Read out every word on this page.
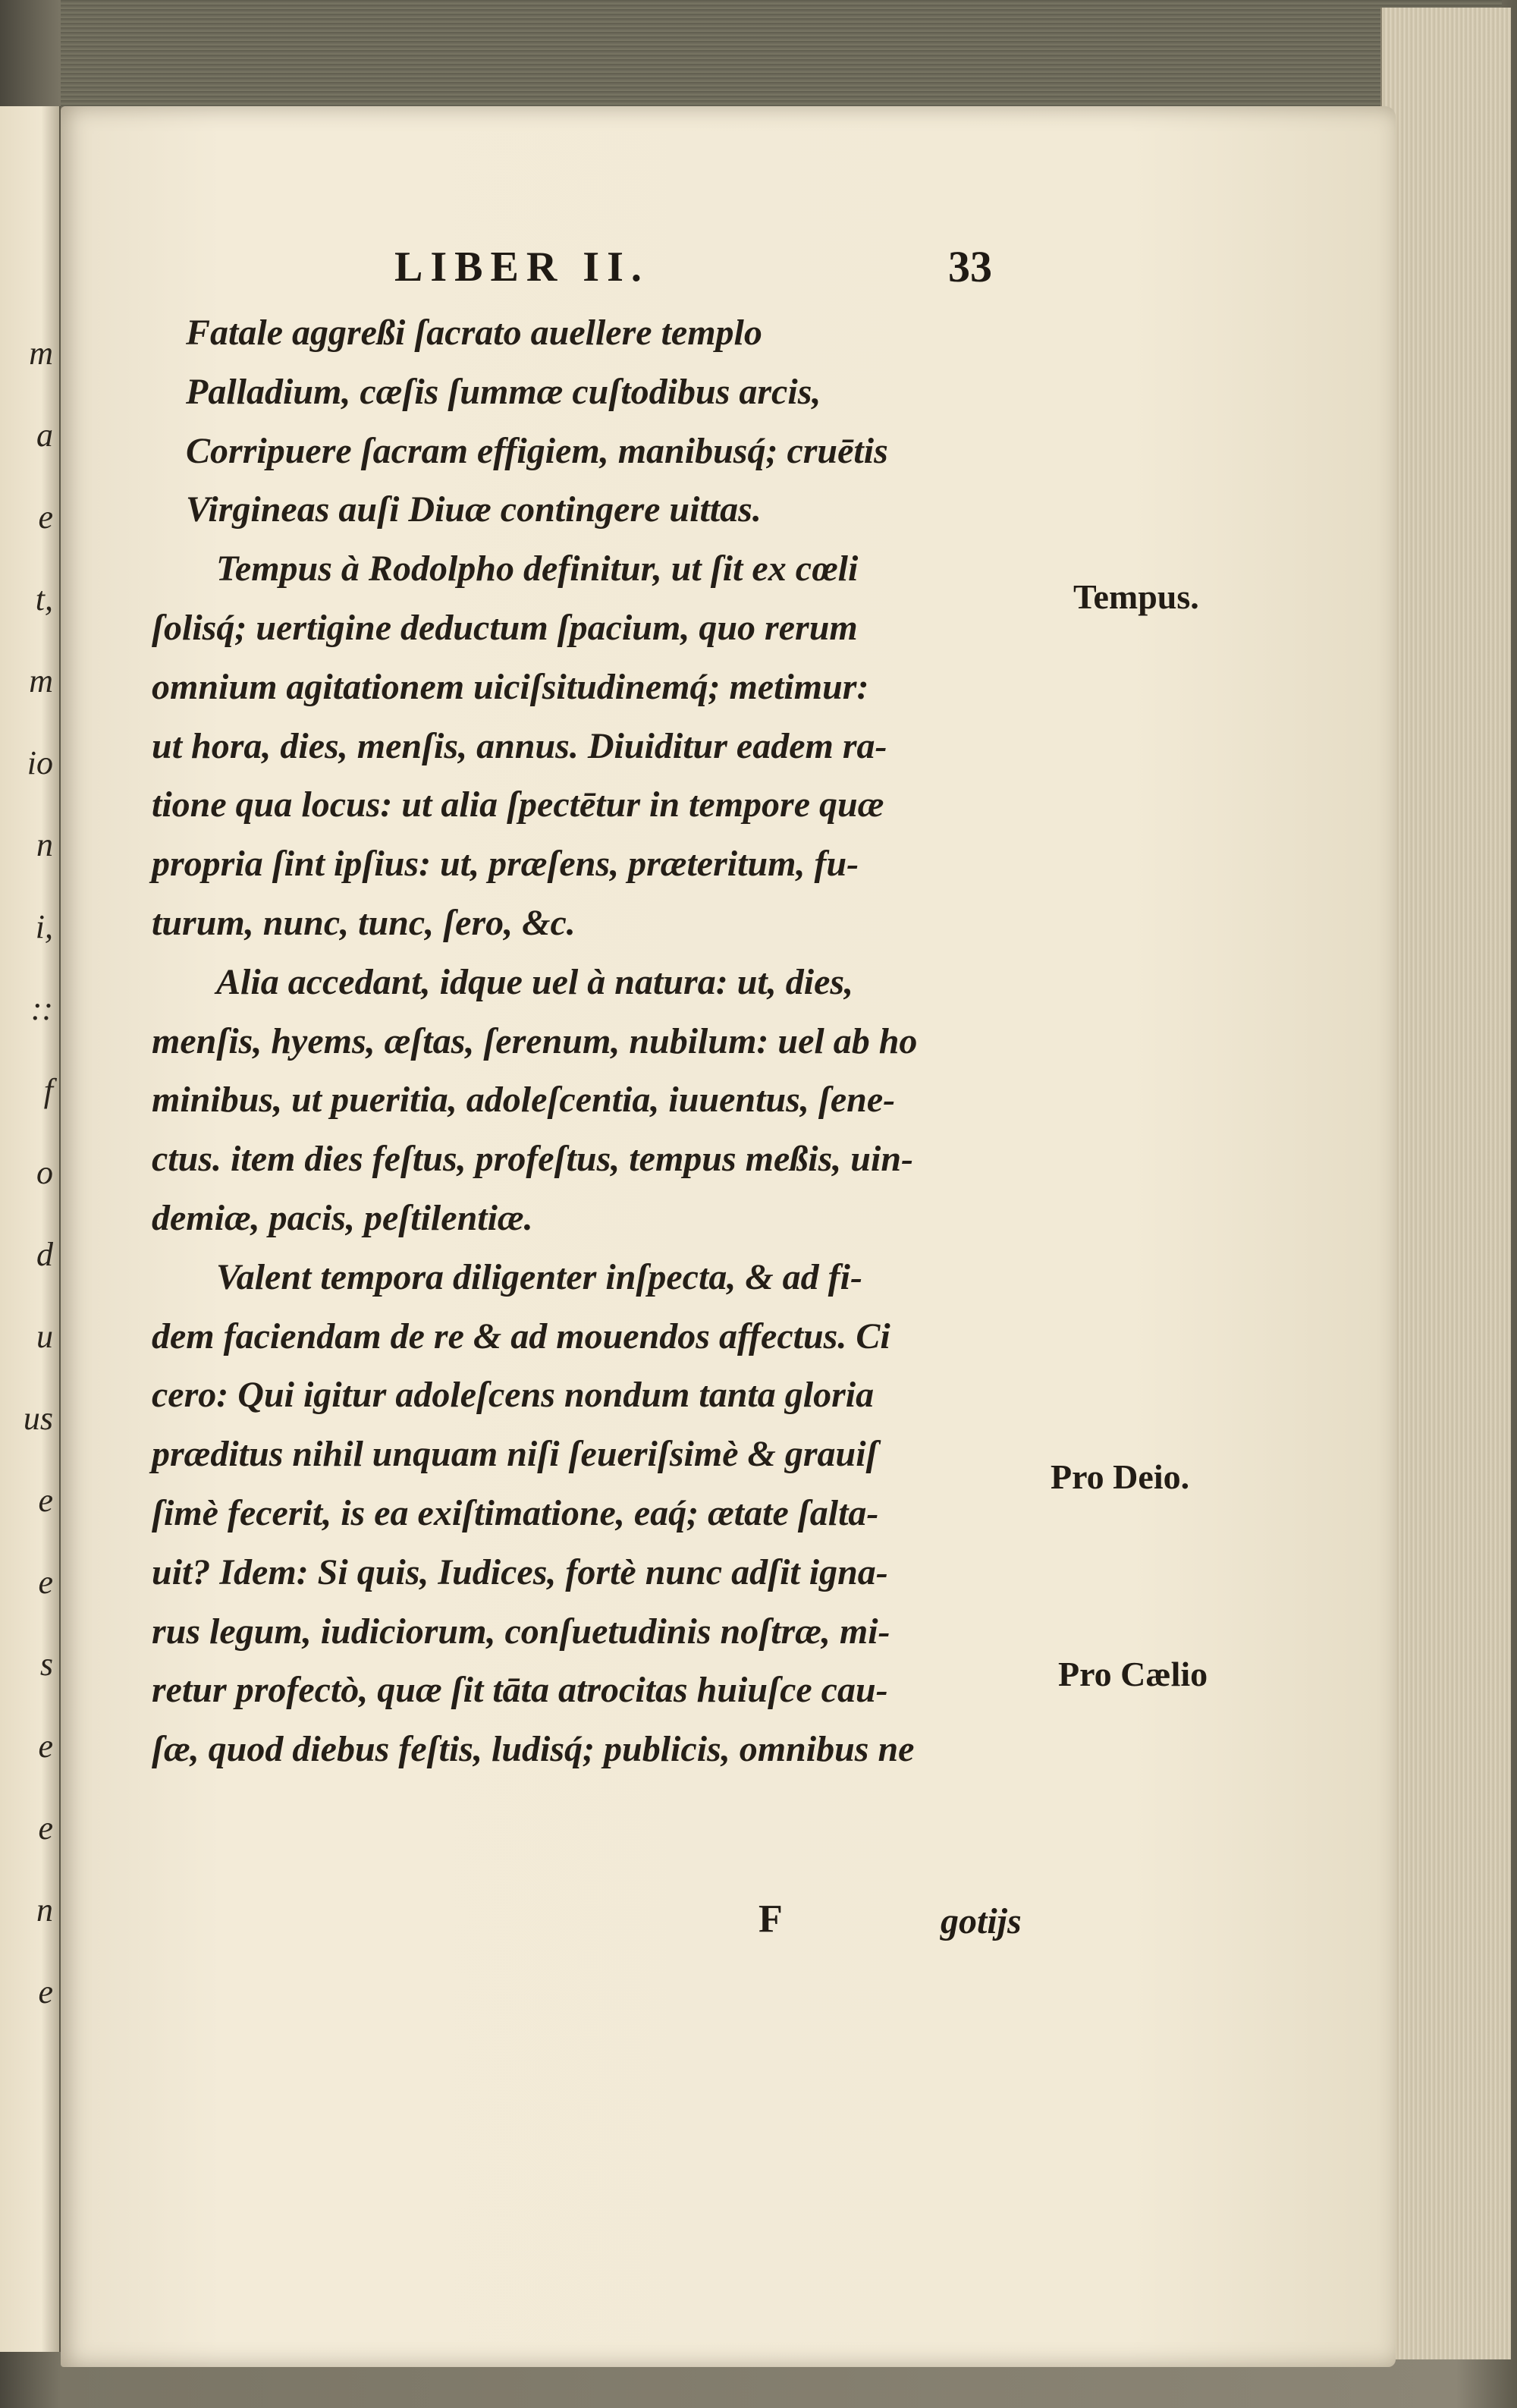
m
a
e
t,
m
io
n
i,
::
f
o
d
u
us
e
e
s
e
e
n
e
LIBER II.	33
Fatale aggreßi ſacrato auellere templo
Palladium, cæſis ſummæ cuſtodibus arcis,
Corripuere ſacram effigiem, manibusq́; cruētis
Virgineas auſi Diuæ contingere uittas.
Tempus à Rodolpho definitur, ut ſit ex cœli
ſolisq́; uertigine deductum ſpacium, quo rerum
omnium agitationem uiciſsitudinemq́; metimur:
ut hora, dies, menſis, annus. Diuiditur eadem ra-
tione qua locus: ut alia ſpectētur in tempore quæ
propria ſint ipſius: ut, præſens, præteritum, fu-
turum, nunc, tunc, ſero, &c.
Alia accedant, idque uel à natura: ut, dies,
menſis, hyems, æſtas, ſerenum, nubilum: uel ab ho
minibus, ut pueritia, adoleſcentia, iuuentus, ſene-
ctus. item dies feſtus, profeſtus, tempus meßis, uin-
demiæ, pacis, peſtilentiæ.
Valent tempora diligenter inſpecta, & ad fi-
dem faciendam de re & ad mouendos affectus. Ci
cero: Qui igitur adoleſcens nondum tanta gloria
præditus nihil unquam niſi ſeueriſsimè & grauiſ
ſimè fecerit, is ea exiſtimatione, eaq́; ætate ſalta-
uit? Idem: Si quis, Iudices, fortè nunc adſit igna-
rus legum, iudiciorum, conſuetudinis noſtræ, mi-
retur profectò, quæ ſit tāta atrocitas huiuſce cau-
ſæ, quod diebus feſtis, ludisq́; publicis, omnibus ne
Tempus.
Pro Deio.
Pro Cælio
F	gotijs
